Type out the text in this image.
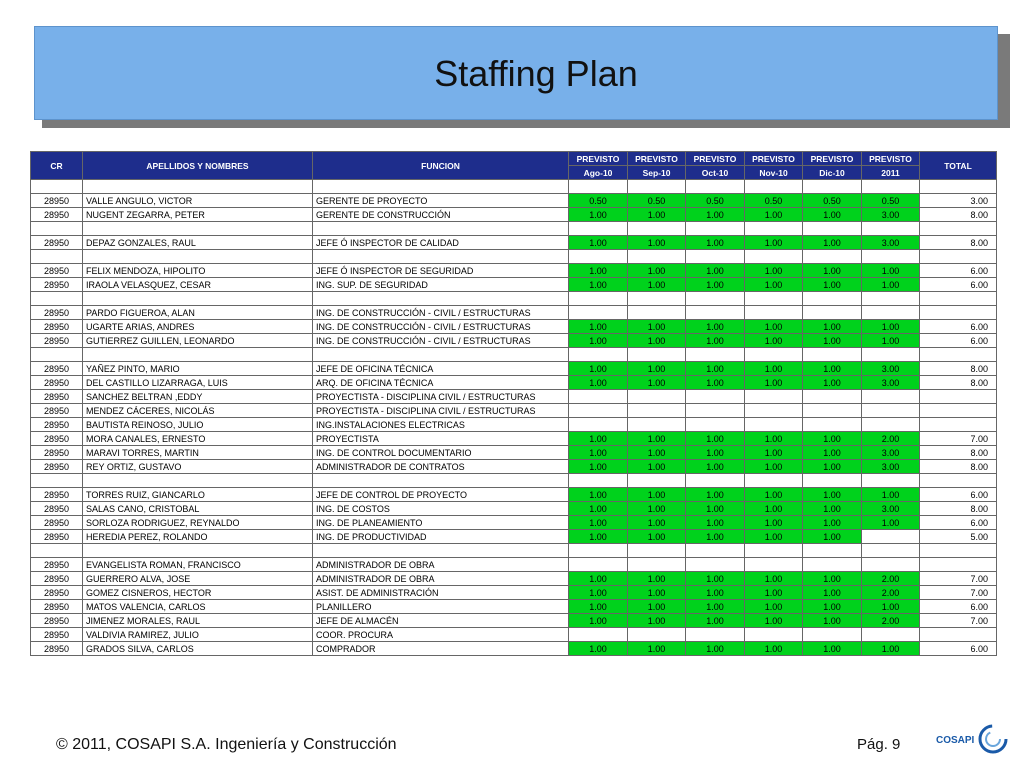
Staffing Plan
CR	APELLIDOS Y NOMBRES	FUNCION	PREVISTO	PREVISTO	PREVISTO	PREVISTO	PREVISTO	PREVISTO	TOTAL
			Ago-10	Sep-10	Oct-10	Nov-10	Dic-10	2011	

28950	VALLE ANGULO, VICTOR	GERENTE DE PROYECTO	0.50	0.50	0.50	0.50	0.50	0.50	3.00
28950	NUGENT ZEGARRA, PETER	GERENTE DE CONSTRUCCIÓN	1.00	1.00	1.00	1.00	1.00	3.00	8.00

28950	DEPAZ GONZALES, RAUL	JEFE Ó INSPECTOR DE CALIDAD	1.00	1.00	1.00	1.00	1.00	3.00	8.00

28950	FELIX MENDOZA, HIPOLITO	JEFE Ó INSPECTOR DE SEGURIDAD	1.00	1.00	1.00	1.00	1.00	1.00	6.00
28950	IRAOLA VELASQUEZ, CESAR	ING. SUP. DE SEGURIDAD	1.00	1.00	1.00	1.00	1.00	1.00	6.00

28950	PARDO FIGUEROA, ALAN	ING. DE CONSTRUCCIÓN - CIVIL / ESTRUCTURAS							
28950	UGARTE ARIAS, ANDRES	ING. DE CONSTRUCCIÓN - CIVIL / ESTRUCTURAS	1.00	1.00	1.00	1.00	1.00	1.00	6.00
28950	GUTIERREZ GUILLEN, LEONARDO	ING. DE CONSTRUCCIÓN - CIVIL / ESTRUCTURAS	1.00	1.00	1.00	1.00	1.00	1.00	6.00

28950	YAÑEZ PINTO, MARIO	JEFE DE OFICINA TÉCNICA	1.00	1.00	1.00	1.00	1.00	3.00	8.00
28950	DEL CASTILLO LIZARRAGA, LUIS	ARQ. DE OFICINA TÉCNICA	1.00	1.00	1.00	1.00	1.00	3.00	8.00
28950	SANCHEZ BELTRAN ,EDDY	PROYECTISTA - DISCIPLINA CIVIL / ESTRUCTURAS							
28950	MENDEZ CÁCERES, NICOLÁS	PROYECTISTA - DISCIPLINA CIVIL / ESTRUCTURAS							
28950	BAUTISTA REINOSO, JULIO	ING.INSTALACIONES ELECTRICAS							
28950	MORA CANALES, ERNESTO	PROYECTISTA	1.00	1.00	1.00	1.00	1.00	2.00	7.00
28950	MARAVI TORRES, MARTIN	ING. DE CONTROL DOCUMENTARIO	1.00	1.00	1.00	1.00	1.00	3.00	8.00
28950	REY ORTIZ, GUSTAVO	ADMINISTRADOR DE CONTRATOS	1.00	1.00	1.00	1.00	1.00	3.00	8.00

28950	TORRES RUIZ, GIANCARLO	JEFE DE CONTROL DE PROYECTO	1.00	1.00	1.00	1.00	1.00	1.00	6.00
28950	SALAS CANO, CRISTOBAL	ING. DE COSTOS	1.00	1.00	1.00	1.00	1.00	3.00	8.00
28950	SORLOZA RODRIGUEZ, REYNALDO	ING. DE PLANEAMIENTO	1.00	1.00	1.00	1.00	1.00	1.00	6.00
28950	HEREDIA PEREZ, ROLANDO	ING. DE PRODUCTIVIDAD	1.00	1.00	1.00	1.00	1.00		5.00

28950	EVANGELISTA ROMAN, FRANCISCO	ADMINISTRADOR DE OBRA							
28950	GUERRERO ALVA, JOSE	ADMINISTRADOR DE OBRA	1.00	1.00	1.00	1.00	1.00	2.00	7.00
28950	GOMEZ CISNEROS, HECTOR	ASIST. DE ADMINISTRACIÓN	1.00	1.00	1.00	1.00	1.00	2.00	7.00
28950	MATOS VALENCIA, CARLOS	PLANILLERO	1.00	1.00	1.00	1.00	1.00	1.00	6.00
28950	JIMENEZ MORALES, RAUL	JEFE DE ALMACÉN	1.00	1.00	1.00	1.00	1.00	2.00	7.00
28950	VALDIVIA RAMIREZ, JULIO	COOR. PROCURA							
28950	GRADOS SILVA, CARLOS	COMPRADOR	1.00	1.00	1.00	1.00	1.00	1.00	6.00
© 2011, COSAPI S.A. Ingeniería y Construcción	Pág. 9	COSAPI
